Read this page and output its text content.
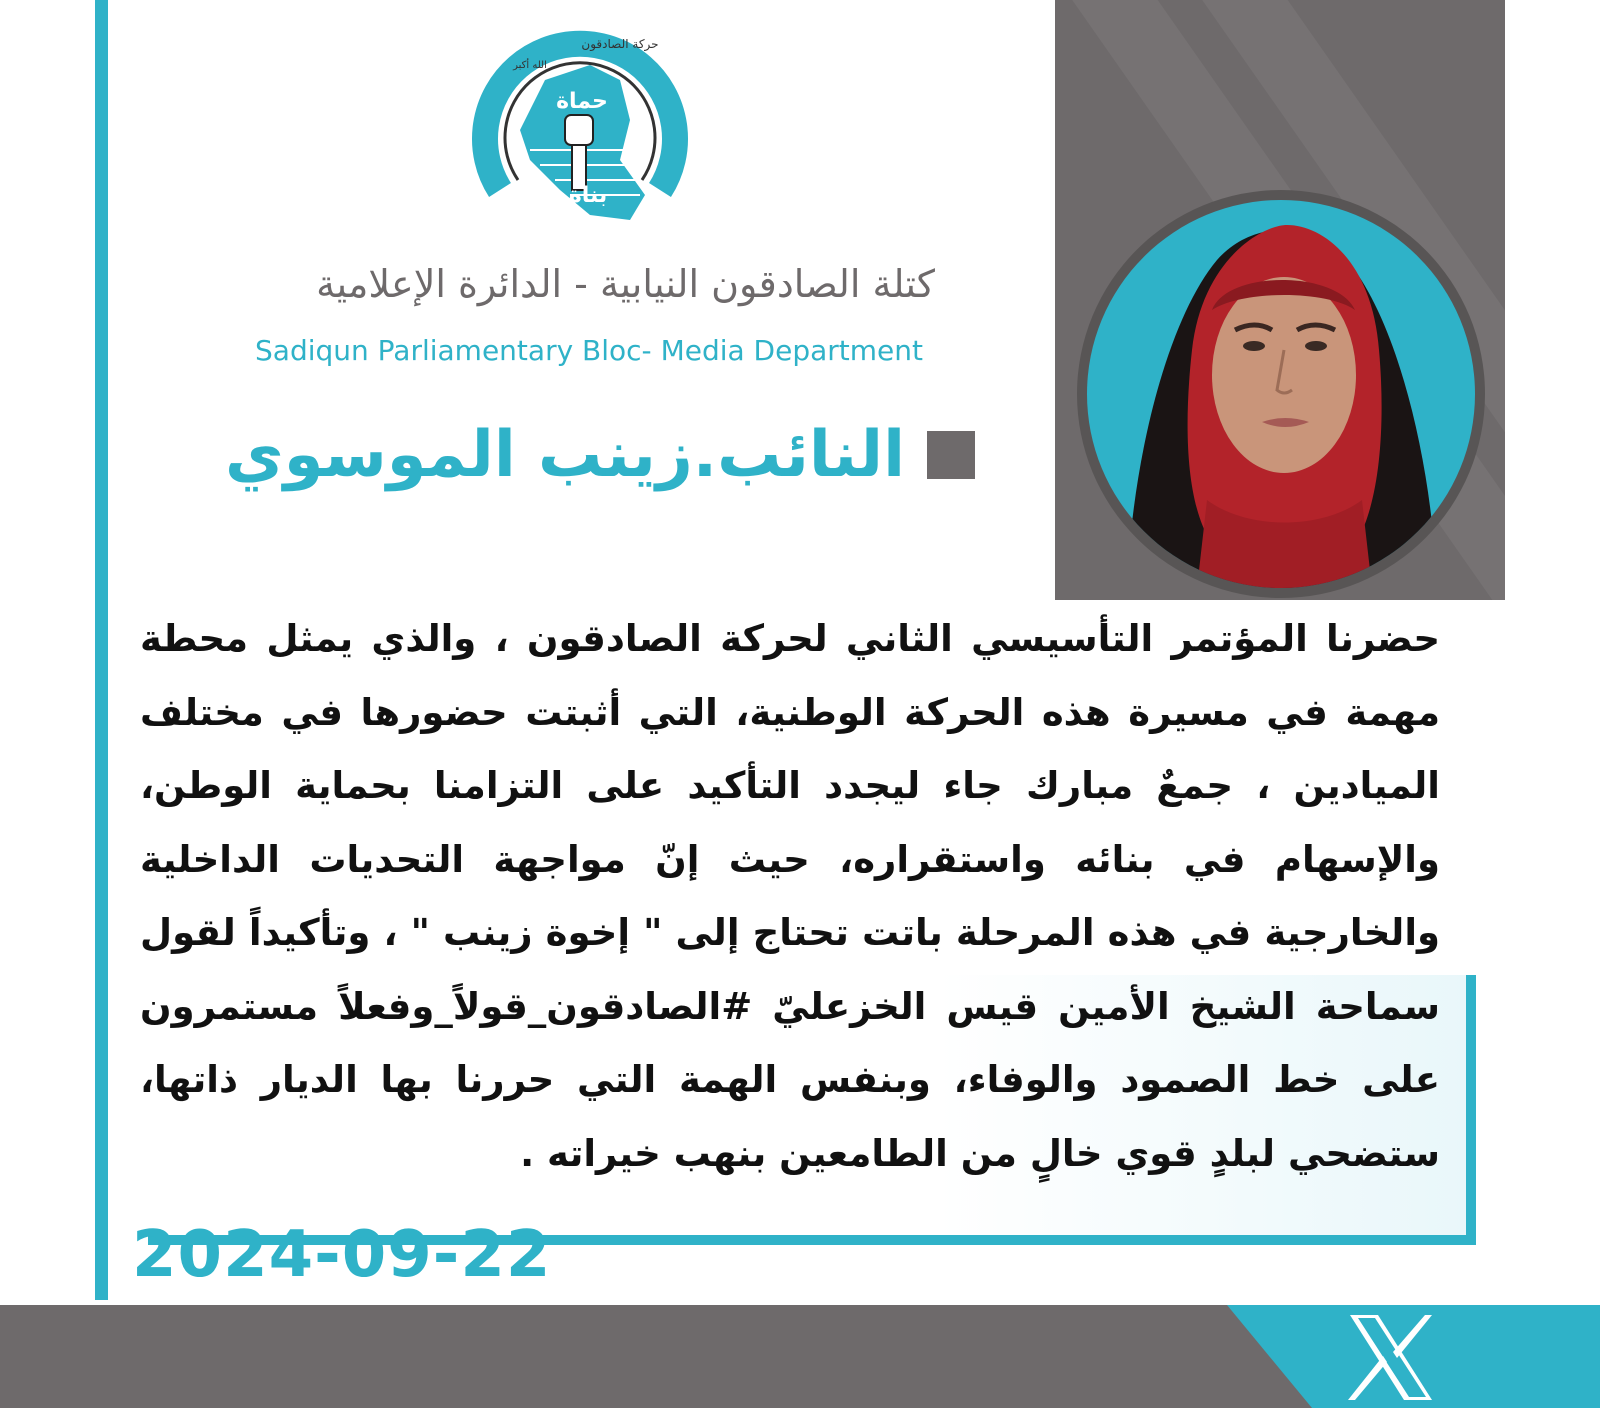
حماة
بناة
حركة الصادقون
الله أكبر
كتلة الصادقون النيابية - الدائرة الإعلامية
Sadiqun Parliamentary Bloc- Media Department
النائب.زينب الموسوي
حضرنا المؤتمر التأسيسي الثاني لحركة الصادقون ، والذي يمثل محطة مهمة في مسيرة هذه الحركة الوطنية، التي أثبتت حضورها في مختلف الميادين ، جمعٌ مبارك جاء ليجدد التأكيد على التزامنا بحماية الوطن، والإسهام في بنائه واستقراره، حيث إنّ مواجهة التحديات الداخلية والخارجية في هذه المرحلة باتت تحتاج إلى " إخوة زينب " ، وتأكيداً لقول سماحة الشيخ الأمين قيس الخزعليّ #الصادقون_قولاً_وفعلاً مستمرون على خط الصمود والوفاء، وبنفس الهمة التي حررنا بها الديار ذاتها، ستضحي لبلدٍ قوي خالٍ من الطامعين بنهب خيراته .
2024-09-22
